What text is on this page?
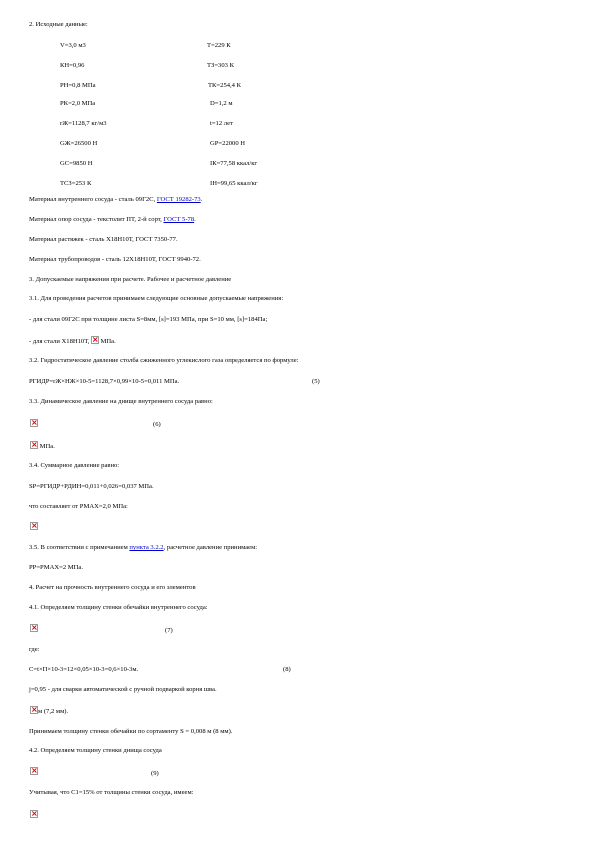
2. Исходные данные:
V=3,0 м3
КН=0,96
РН=0,8 МПа
РК=2,0 МПа
rЖ=1128,7 кг/м3
GЖ=26500 Н
GС=9850 Н
ТСЗ=253 К
Т=229 К
ТЗ=303 К
ТК=254,4 К
D=1,2 м
t=12 лет
GР=22000 Н
IК=77,58 ккал/кг
IН=99,65 ккал/кг
Материал внутреннего сосуда - сталь 09Г2С, ГОСТ 19282-73.
Материал опор сосуда - текстолит ПТ, 2-й сорт, ГОСТ 5-78.
Материал растяжек - сталь Х18Н10Т, ГОСТ 7350-77.
Материал трубопроводов - сталь 12Х18Н10Т, ГОСТ 9940-72.
3. Допускаемые напряжения при расчете. Рабочее и расчетное давление
3.1. Для проведения расчетов принимаем следующие основные допускаемые напряжения:
- для стали 09Г2С при толщине листа S=8мм, [s]=193 МПа, при S=10 мм, [s]=184Па;
- для стали Х18Н10Т, × МПа.
3.2. Гидростатическое давление столба сжиженного углекислого газа определяется по формуле:
РГИДР=rЖ×НЖ×10-5=1128,7×0,99×10-5=0,011 МПа.	(5)
3.3. Динамическое давление на днище внутреннего сосуда равно:
×
(6)
× МПа.
3.4. Суммарное давление равно:
SР=РГИДР+РДИН=0,011+0,026=0,037 МПа.
что составляет от РМАХ=2,0 МПа:
×
3.5. В соответствии с примечанием пункта 3.2.2, расчетное давление принимаем:
РР=РМАХ=2 МПа.
4. Расчет на прочность внутреннего сосуда и его элементов
4.1. Определяем толщину стенки обечайки внутреннего сосуда:
×
(7)
где:
С=t×П×10-3=12×0,05×10-3=0,6×10-3м.	(8)
j=0,95 - для сварки автоматической с ручной подваркой корня шва.
×м (7,2 мм).
Принимаем толщину стенки обечайки по сортаменту S = 0,008 м (8 мм).
4.2. Определяем толщину стенки днища сосуда
×
(9)
Учитывая, что С1=15% от толщины стенки сосуда, имеем:
×
